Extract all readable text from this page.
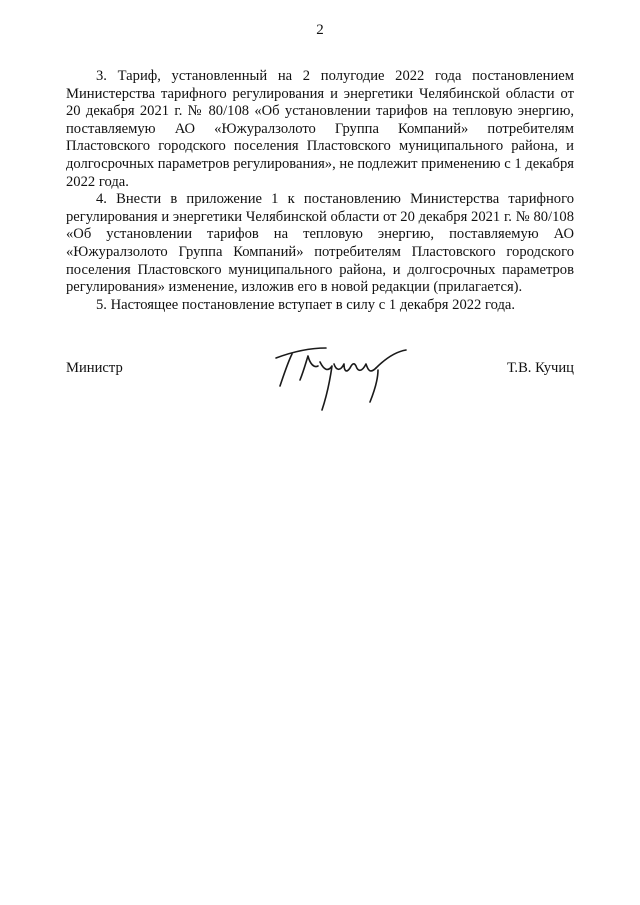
2

3. Тариф, установленный на 2 полугодие 2022 года постановлением Министерства тарифного регулирования и энергетики Челябинской области от 20 декабря 2021 г. № 80/108 «Об установлении тарифов на тепловую энергию, поставляемую АО «Южуралзолото Группа Компаний» потребителям Пластовского городского поселения Пластовского муниципального района, и долгосрочных параметров регулирования», не подлежит применению с 1 декабря 2022 года.

4. Внести в приложение 1 к постановлению Министерства тарифного регулирования и энергетики Челябинской области от 20 декабря 2021 г. № 80/108 «Об установлении тарифов на тепловую энергию, поставляемую АО «Южуралзолото Группа Компаний» потребителям Пластовского городского поселения Пластовского муниципального района, и долгосрочных параметров регулирования» изменение, изложив его в новой редакции (прилагается).

5. Настоящее постановление вступает в силу с 1 декабря 2022 года.

Министр	Т.В. Кучиц
